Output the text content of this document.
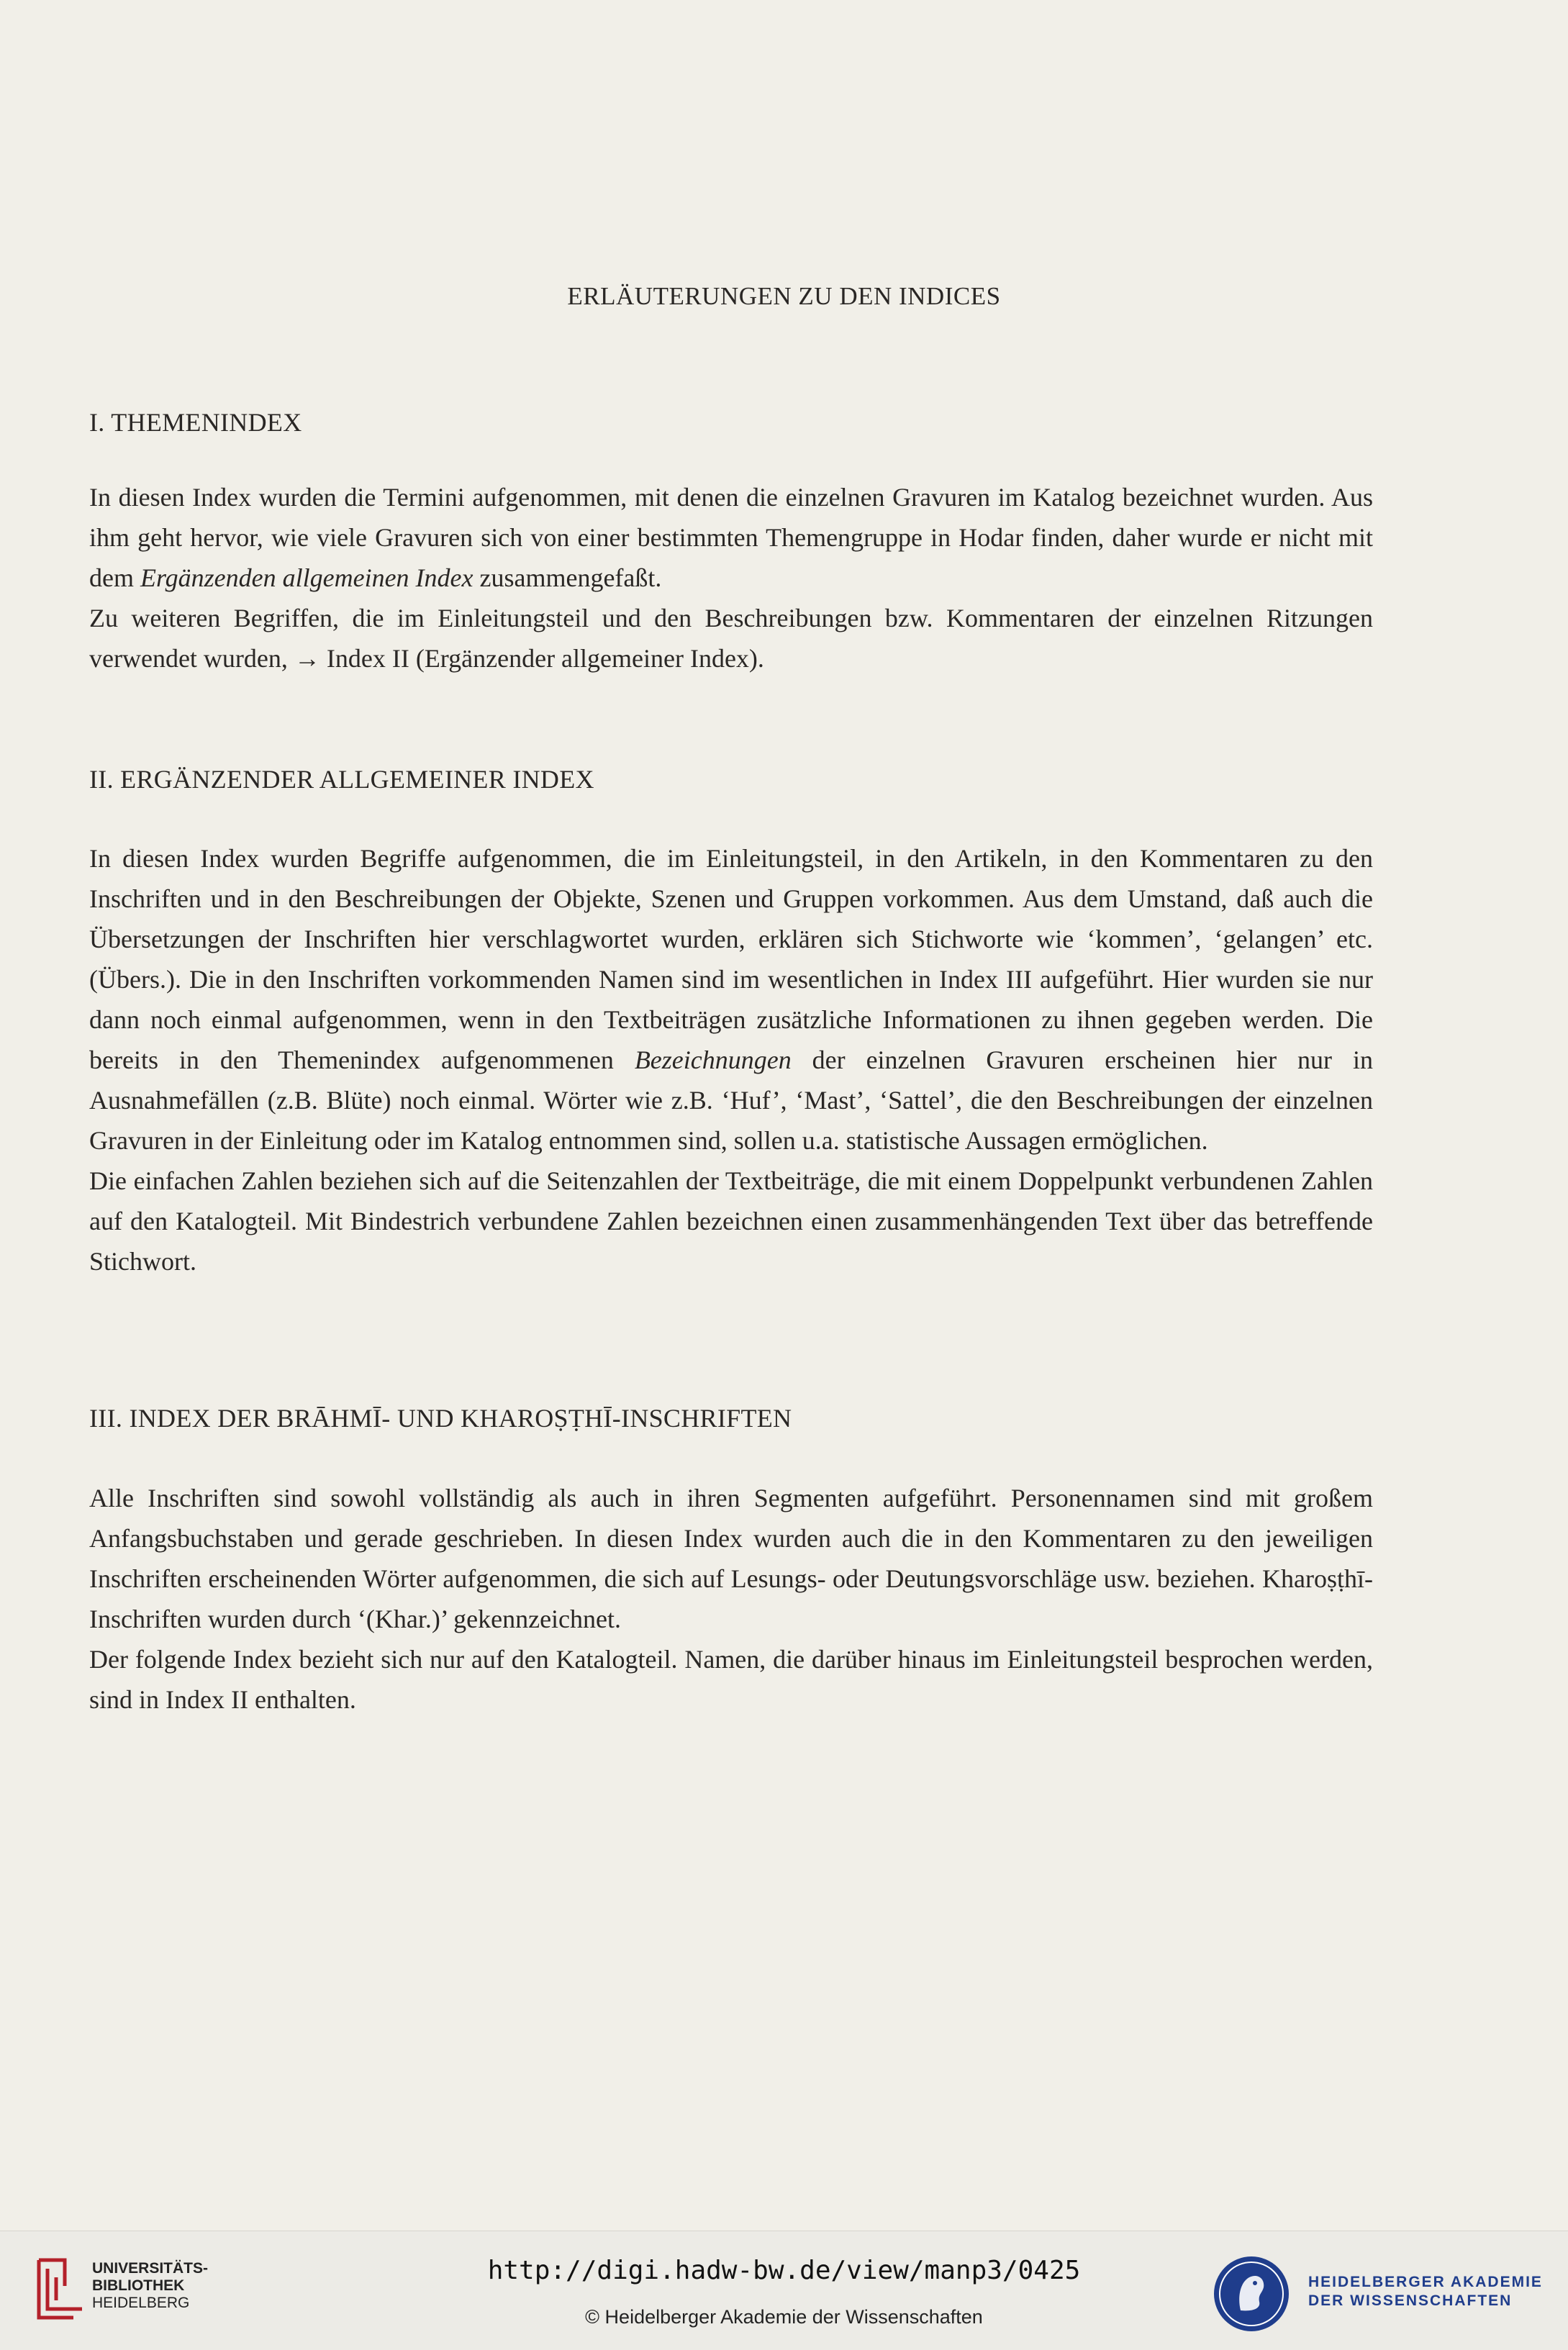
ERLÄUTERUNGEN ZU DEN INDICES
I. THEMENINDEX

In diesen Index wurden die Termini aufgenommen, mit denen die einzelnen Gravuren im Katalog bezeichnet wurden. Aus ihm geht hervor, wie viele Gravuren sich von einer bestimmten Themengruppe in Hodar finden, daher wurde er nicht mit dem Ergänzenden allgemeinen Index zusammengefaßt.

Zu weiteren Begriffen, die im Einleitungsteil und den Beschreibungen bzw. Kommentaren der einzelnen Ritzungen verwendet wurden, → Index II (Ergänzender allgemeiner Index).

II. ERGÄNZENDER ALLGEMEINER INDEX

In diesen Index wurden Begriffe aufgenommen, die im Einleitungsteil, in den Artikeln, in den Kommentaren zu den Inschriften und in den Beschreibungen der Objekte, Szenen und Gruppen vorkommen. Aus dem Umstand, daß auch die Übersetzungen der Inschriften hier verschlagwortet wurden, erklären sich Stichworte wie ‘kommen’, ‘gelangen’ etc. (Übers.). Die in den Inschriften vorkommenden Namen sind im wesentlichen in Index III aufgeführt. Hier wurden sie nur dann noch einmal aufgenommen, wenn in den Textbeiträgen zusätzliche Informationen zu ihnen gegeben werden. Die bereits in den Themenindex aufgenommenen Bezeichnungen der einzelnen Gravuren erscheinen hier nur in Ausnahmefällen (z.B. Blüte) noch einmal. Wörter wie z.B. ‘Huf’, ‘Mast’, ‘Sattel’, die den Beschreibungen der einzelnen Gravuren in der Einleitung oder im Katalog entnommen sind, sollen u.a. statistische Aussagen ermöglichen.

Die einfachen Zahlen beziehen sich auf die Seitenzahlen der Textbeiträge, die mit einem Doppelpunkt verbundenen Zahlen auf den Katalogteil. Mit Bindestrich verbundene Zahlen bezeichnen einen zusammenhängenden Text über das betreffende Stichwort.

III. INDEX DER BRĀHMĪ- UND KHAROṢṬHĪ-INSCHRIFTEN

Alle Inschriften sind sowohl vollständig als auch in ihren Segmenten aufgeführt. Personennamen sind mit großem Anfangsbuchstaben und gerade geschrieben. In diesen Index wurden auch die in den Kommentaren zu den jeweiligen Inschriften erscheinenden Wörter aufgenommen, die sich auf Lesungs- oder Deutungsvorschläge usw. beziehen. Kharoṣṭhī-Inschriften wurden durch ‘(Khar.)’ gekennzeichnet.

Der folgende Index bezieht sich nur auf den Katalogteil. Namen, die darüber hinaus im Einleitungsteil besprochen werden, sind in Index II enthalten.

UNIVERSITÄTS-
BIBLIOTHEK
HEIDELBERG
http://digi.hadw-bw.de/view/manp3/0425
© Heidelberger Akademie der Wissenschaften
HEIDELBERGER AKADEMIE
DER WISSENSCHAFTEN
